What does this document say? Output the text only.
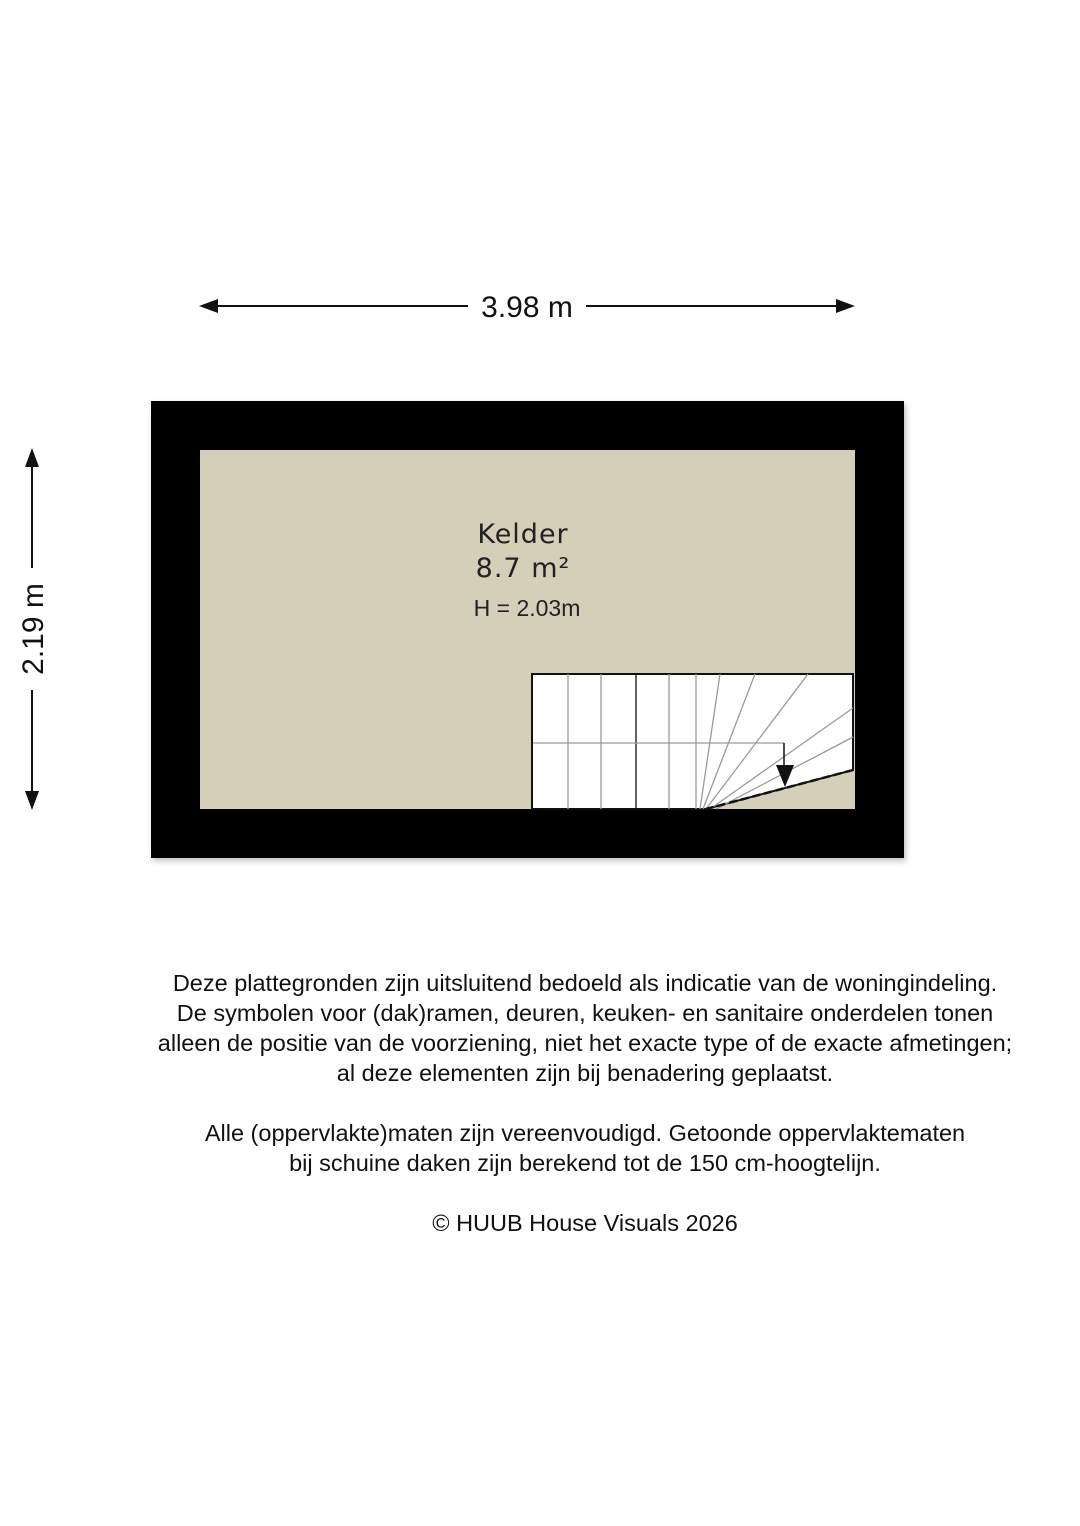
3.98 m
2.19 m
Kelder
8.7 m²
H = 2.03m

Deze plattegronden zijn uitsluitend bedoeld als indicatie van de woningindeling.

De symbolen voor (dak)ramen, deuren, keuken- en sanitaire onderdelen tonen

alleen de positie van de voorziening, niet het exacte type of de exacte afmetingen;

al deze elementen zijn bij benadering geplaatst.

Alle (oppervlakte)maten zijn vereenvoudigd. Getoonde oppervlaktematen

bij schuine daken zijn berekend tot de 150 cm-hoogtelijn.

© HUUB House Visuals 2026
